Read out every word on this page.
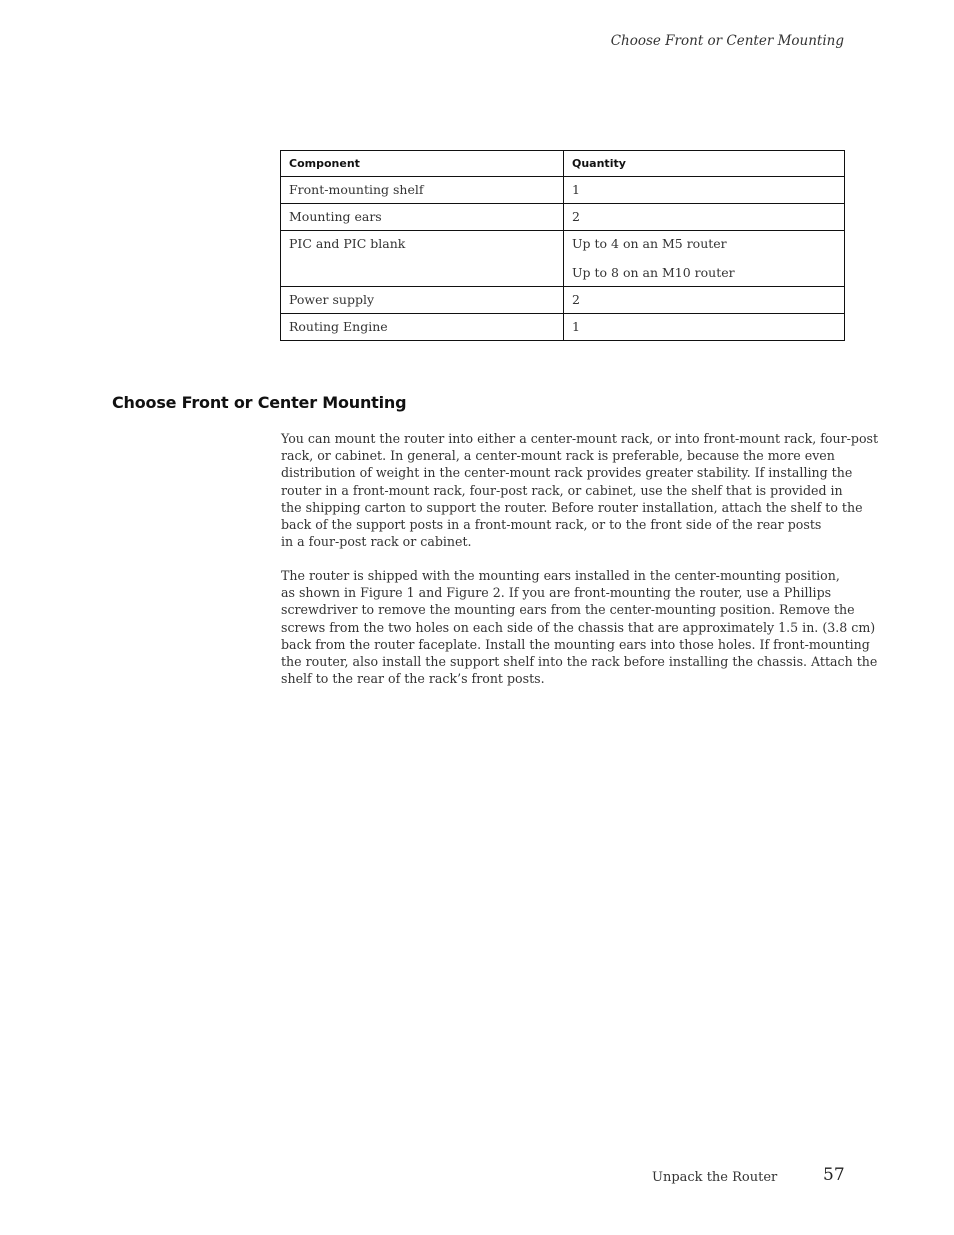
Choose Front or Center Mounting
Component	Quantity
Front-mounting shelf	1
Mounting ears	2
PIC and PIC blank	Up to 4 on an M5 router
Up to 8 on an M10 router

Power supply	2
Routing Engine	1
Choose Front or Center Mounting
You can mount the router into either a center-mount rack, or into front-mount rack, four-post
rack, or cabinet. In general, a center-mount rack is preferable, because the more even
distribution of weight in the center-mount rack provides greater stability. If installing the
router in a front-mount rack, four-post rack, or cabinet, use the shelf that is provided in
the shipping carton to support the router. Before router installation, attach the shelf to the
back of the support posts in a front-mount rack, or to the front side of the rear posts
in a four-post rack or cabinet.
The router is shipped with the mounting ears installed in the center-mounting position,
as shown in Figure 1 and Figure 2. If you are front-mounting the router, use a Phillips
screwdriver to remove the mounting ears from the center-mounting position. Remove the
screws from the two holes on each side of the chassis that are approximately 1.5 in. (3.8 cm)
back from the router faceplate. Install the mounting ears into those holes. If front-mounting
the router, also install the support shelf into the rack before installing the chassis. Attach the
shelf to the rear of the rack’s front posts.
Unpack the Router	57
